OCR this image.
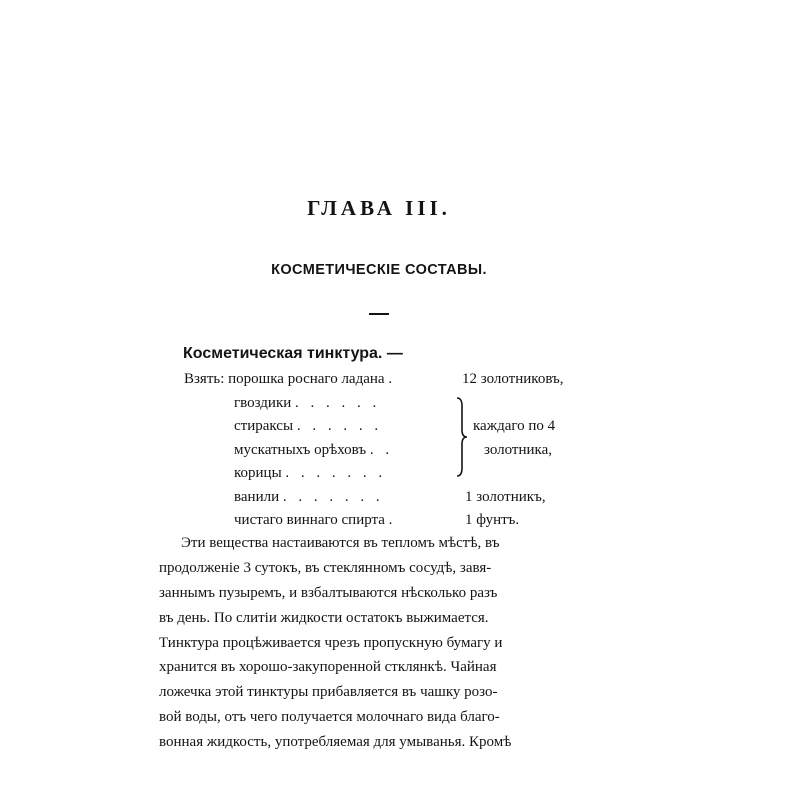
ГЛАВА III.
КОСМЕТИЧЕСКІЕ СОСТАВЫ.

Косметическая тинктура. —

Взять: порошка роснаго ладана .	12 золотниковъ,
гвоздики . . . . . .
стираксы . . . . . .	каждаго по 4
мускатныхъ орѣховъ . .	золотника,
корицы . . . . . . .
ванили . . . . . . .	1 золотникъ,
чистаго виннаго спирта .	1 фунтъ.
Эти вещества настаиваются въ тепломъ мѣстѣ, въ
продолженіе 3 сутокъ, въ стеклянномъ сосудѣ, завя-
заннымъ пузыремъ, и взбалтываются нѣсколько разъ
въ день. По слитіи жидкости остатокъ выжимается.
Тинктура процѣживается чрезъ пропускную бумагу и
хранится въ хорошо-закупоренной стклянкѣ. Чайная
ложечка этой тинктуры прибавляется въ чашку розо-
вой воды, отъ чего получается молочнаго вида благо-
вонная жидкость, употребляемая для умыванья. Кромѣ
